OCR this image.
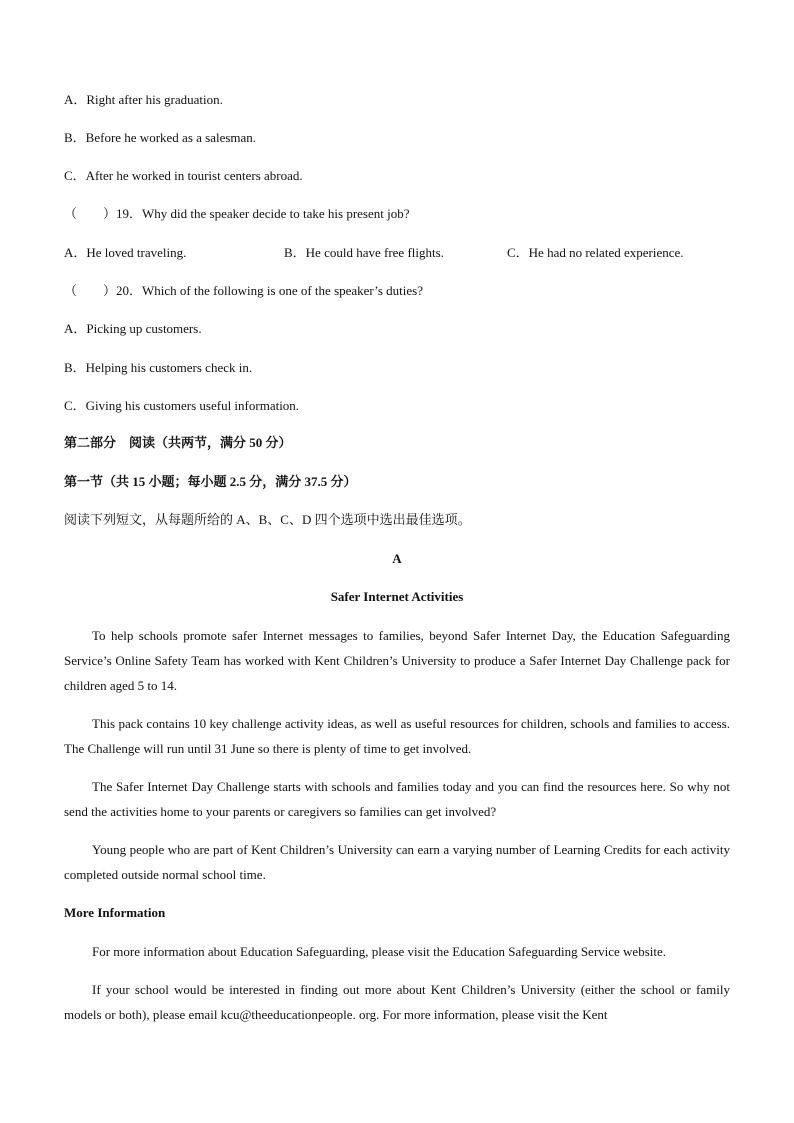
A．Right after his graduation.
B．Before he worked as a salesman.
C．After he worked in tourist centers abroad.
（　　）19．Why did the speaker decide to take his present job?
A．He loved traveling.	B．He could have free flights.	C．He had no related experience.
（　　）20．Which of the following is one of the speaker’s duties?
A．Picking up customers.
B．Helping his customers check in.
C．Giving his customers useful information.
第二部分　阅读（共两节，满分 50 分）
第一节（共 15 小题；每小题 2.5 分，满分 37.5 分）
阅读下列短文，从每题所给的 A、B、C、D 四个选项中选出最佳选项。
A
Safer Internet Activities
To help schools promote safer Internet messages to families, beyond Safer Internet Day, the Education Safeguarding Service’s Online Safety Team has worked with Kent Children’s University to produce a Safer Internet Day Challenge pack for children aged 5 to 14.
This pack contains 10 key challenge activity ideas, as well as useful resources for children, schools and families to access. The Challenge will run until 31 June so there is plenty of time to get involved.
The Safer Internet Day Challenge starts with schools and families today and you can find the resources here. So why not send the activities home to your parents or caregivers so families can get involved?
Young people who are part of Kent Children’s University can earn a varying number of Learning Credits for each activity completed outside normal school time.
More Information
For more information about Education Safeguarding, please visit the Education Safeguarding Service website.
If your school would be interested in finding out more about Kent Children’s University (either the school or family models or both), please email kcu@theeducationpeople. org. For more information, please visit the Kent
